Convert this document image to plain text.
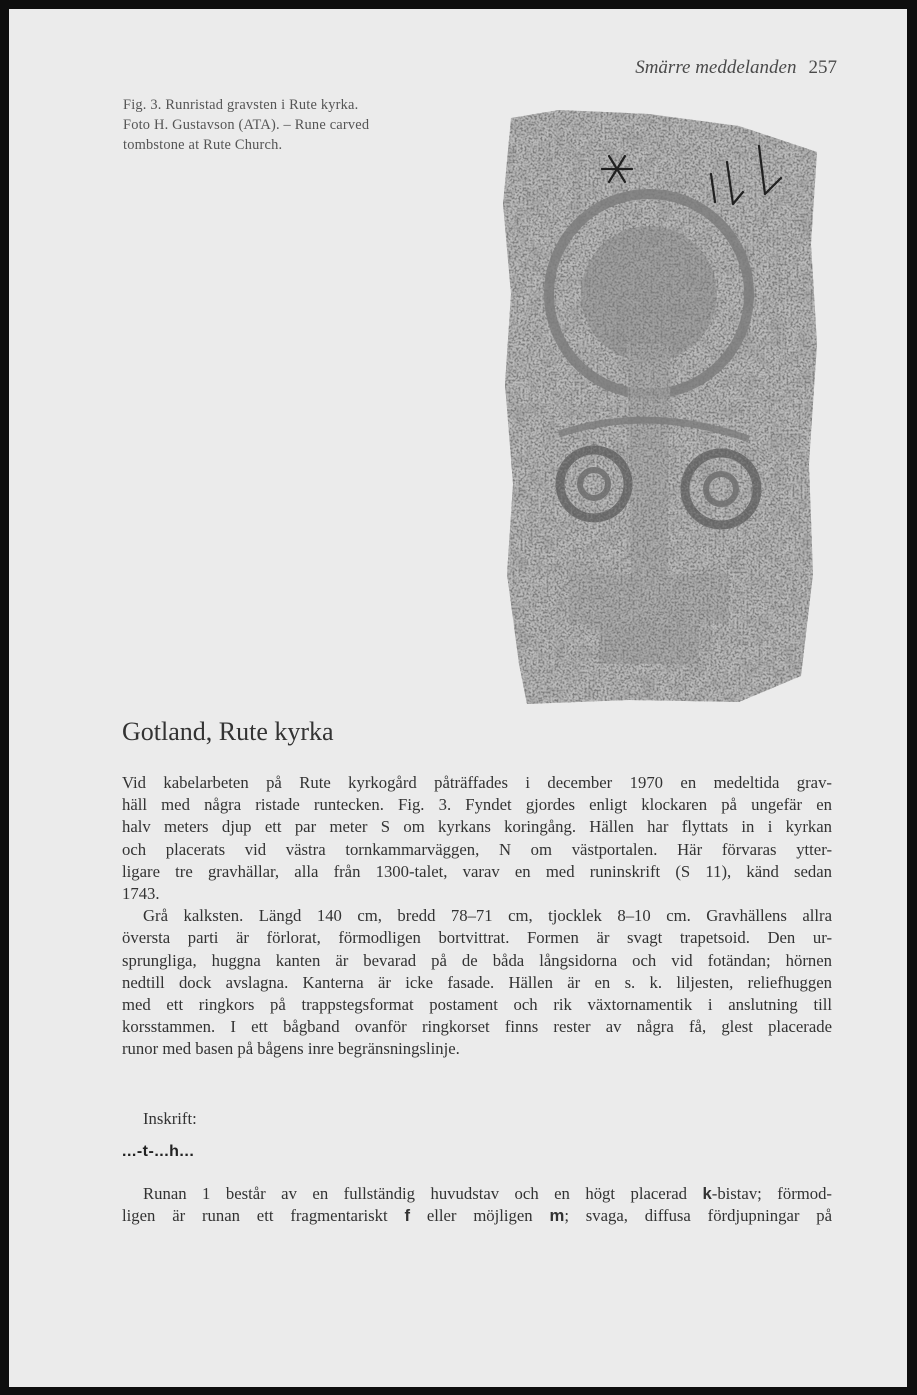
Smärre meddelanden 257
Fig. 3. Runristad gravsten i Rute kyrka.
Foto H. Gustavson (ATA). – Rune carved
tombstone at Rute Church.
Gotland, Rute kyrka
Vid kabelarbeten på Rute kyrkogård påträffades i december 1970 en medeltida grav-
häll med några ristade runtecken. Fig. 3. Fyndet gjordes enligt klockaren på ungefär en
halv meters djup ett par meter S om kyrkans koringång. Hällen har flyttats in i kyrkan
och placerats vid västra tornkammarväggen, N om västportalen. Här förvaras ytter-
ligare tre gravhällar, alla från 1300-talet, varav en med runinskrift (S 11), känd sedan
1743.
Grå kalksten. Längd 140 cm, bredd 78–71 cm, tjocklek 8–10 cm. Gravhällens allra
översta parti är förlorat, förmodligen bortvittrat. Formen är svagt trapetsoid. Den ur-
sprungliga, huggna kanten är bevarad på de båda långsidorna och vid fotändan; hörnen
nedtill dock avslagna. Kanterna är icke fasade. Hällen är en s. k. liljesten, reliefhuggen
med ett ringkors på trappstegsformat postament och rik växtornamentik i anslutning till
korsstammen. I ett bågband ovanför ringkorset finns rester av några få, glest placerade
runor med basen på bågens inre begränsningslinje.
Inskrift:
...-t-...h...
Runan 1 består av en fullständig huvudstav och en högt placerad k-bistav; förmod-
ligen är runan ett fragmentariskt f eller möjligen m; svaga, diffusa fördjupningar på
